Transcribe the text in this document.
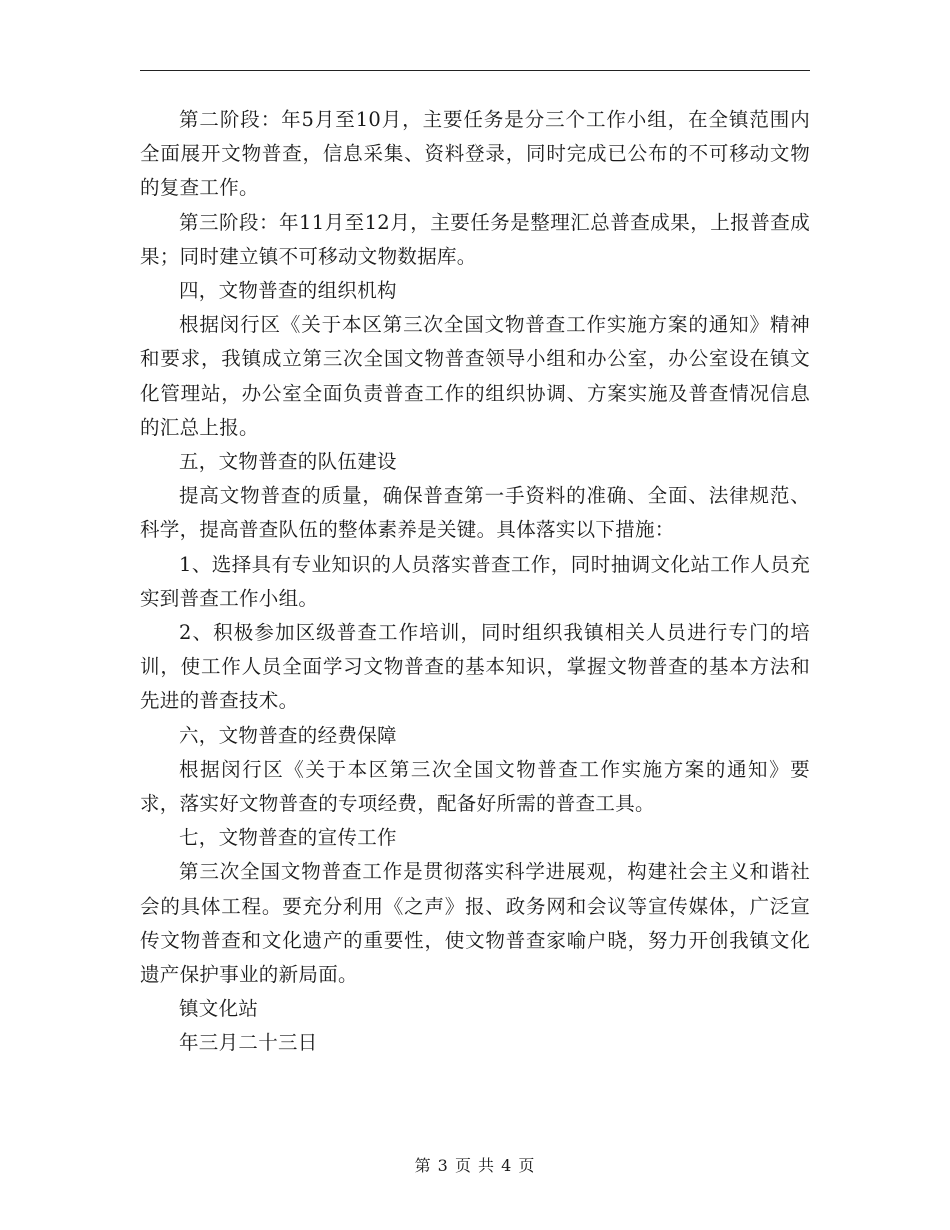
第二阶段：年5月至10月，主要任务是分三个工作小组，在全镇范围内全面展开文物普查，信息采集、资料登录，同时完成已公布的不可移动文物的复查工作。

第三阶段：年11月至12月，主要任务是整理汇总普查成果，上报普查成果；同时建立镇不可移动文物数据库。

四，文物普查的组织机构

根据闵行区《关于本区第三次全国文物普查工作实施方案的通知》精神和要求，我镇成立第三次全国文物普查领导小组和办公室，办公室设在镇文化管理站，办公室全面负责普查工作的组织协调、方案实施及普查情况信息的汇总上报。

五，文物普查的队伍建设

提高文物普查的质量，确保普查第一手资料的准确、全面、法律规范、科学，提高普查队伍的整体素养是关键。具体落实以下措施：

1、选择具有专业知识的人员落实普查工作，同时抽调文化站工作人员充实到普查工作小组。

2、积极参加区级普查工作培训，同时组织我镇相关人员进行专门的培训，使工作人员全面学习文物普查的基本知识，掌握文物普查的基本方法和先进的普查技术。

六，文物普查的经费保障

根据闵行区《关于本区第三次全国文物普查工作实施方案的通知》要求，落实好文物普查的专项经费，配备好所需的普查工具。

七，文物普查的宣传工作

第三次全国文物普查工作是贯彻落实科学进展观，构建社会主义和谐社会的具体工程。要充分利用《之声》报、政务网和会议等宣传媒体，广泛宣传文物普查和文化遗产的重要性，使文物普查家喻户晓，努力开创我镇文化遗产保护事业的新局面。

镇文化站

年三月二十三日

第 3 页 共 4 页
